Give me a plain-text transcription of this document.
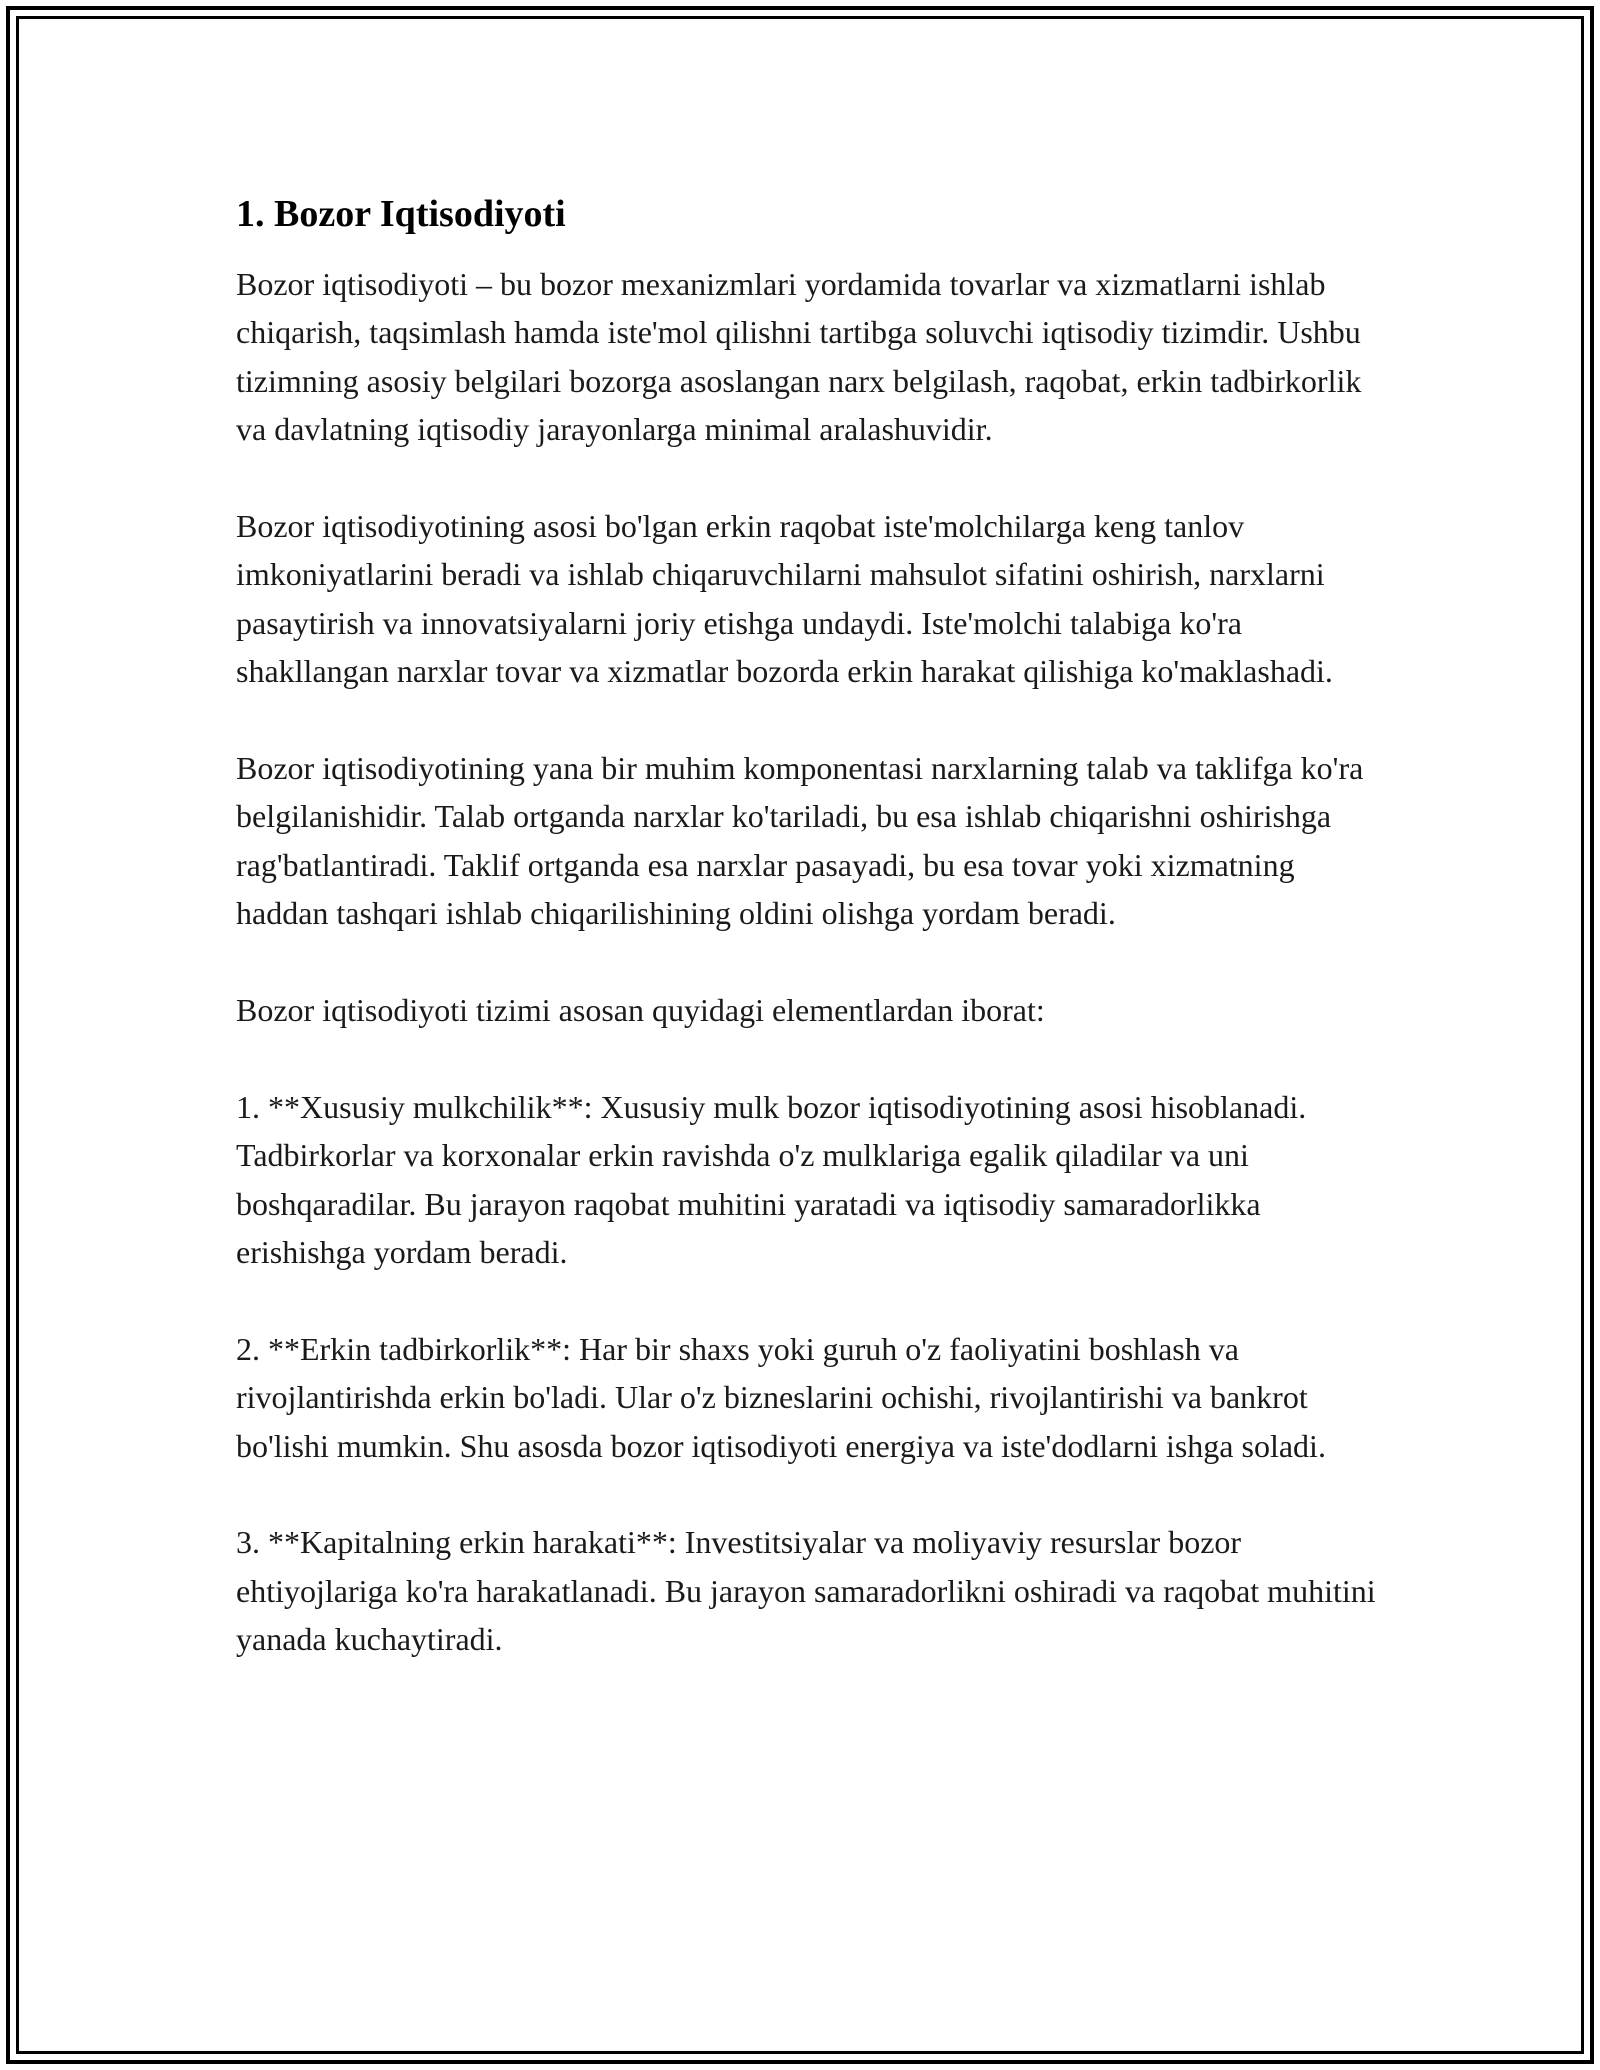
1. Bozor Iqtisodiyoti

Bozor iqtisodiyoti – bu bozor mexanizmlari yordamida tovarlar va xizmatlarni ishlab chiqarish, taqsimlash hamda iste'mol qilishni tartibga soluvchi iqtisodiy tizimdir. Ushbu tizimning asosiy belgilari bozorga asoslangan narx belgilash, raqobat, erkin tadbirkorlik va davlatning iqtisodiy jarayonlarga minimal aralashuvidir.

Bozor iqtisodiyotining asosi bo'lgan erkin raqobat iste'molchilarga keng tanlov imkoniyatlarini beradi va ishlab chiqaruvchilarni mahsulot sifatini oshirish, narxlarni pasaytirish va innovatsiyalarni joriy etishga undaydi. Iste'molchi talabiga ko'ra shakllangan narxlar tovar va xizmatlar bozorda erkin harakat qilishiga ko'maklashadi.

Bozor iqtisodiyotining yana bir muhim komponentasi narxlarning talab va taklifga ko'ra belgilanishidir. Talab ortganda narxlar ko'tariladi, bu esa ishlab chiqarishni oshirishga rag'batlantiradi. Taklif ortganda esa narxlar pasayadi, bu esa tovar yoki xizmatning haddan tashqari ishlab chiqarilishining oldini olishga yordam beradi.

Bozor iqtisodiyoti tizimi asosan quyidagi elementlardan iborat:

1. **Xususiy mulkchilik**: Xususiy mulk bozor iqtisodiyotining asosi hisoblanadi. Tadbirkorlar va korxonalar erkin ravishda o'z mulklariga egalik qiladilar va uni boshqaradilar. Bu jarayon raqobat muhitini yaratadi va iqtisodiy samaradorlikka erishishga yordam beradi.

2. **Erkin tadbirkorlik**: Har bir shaxs yoki guruh o'z faoliyatini boshlash va rivojlantirishda erkin bo'ladi. Ular o'z bizneslarini ochishi, rivojlantirishi va bankrot bo'lishi mumkin. Shu asosda bozor iqtisodiyoti energiya va iste'dodlarni ishga soladi.

3. **Kapitalning erkin harakati**: Investitsiyalar va moliyaviy resurslar bozor ehtiyojlariga ko'ra harakatlanadi. Bu jarayon samaradorlikni oshiradi va raqobat muhitini yanada kuchaytiradi.
